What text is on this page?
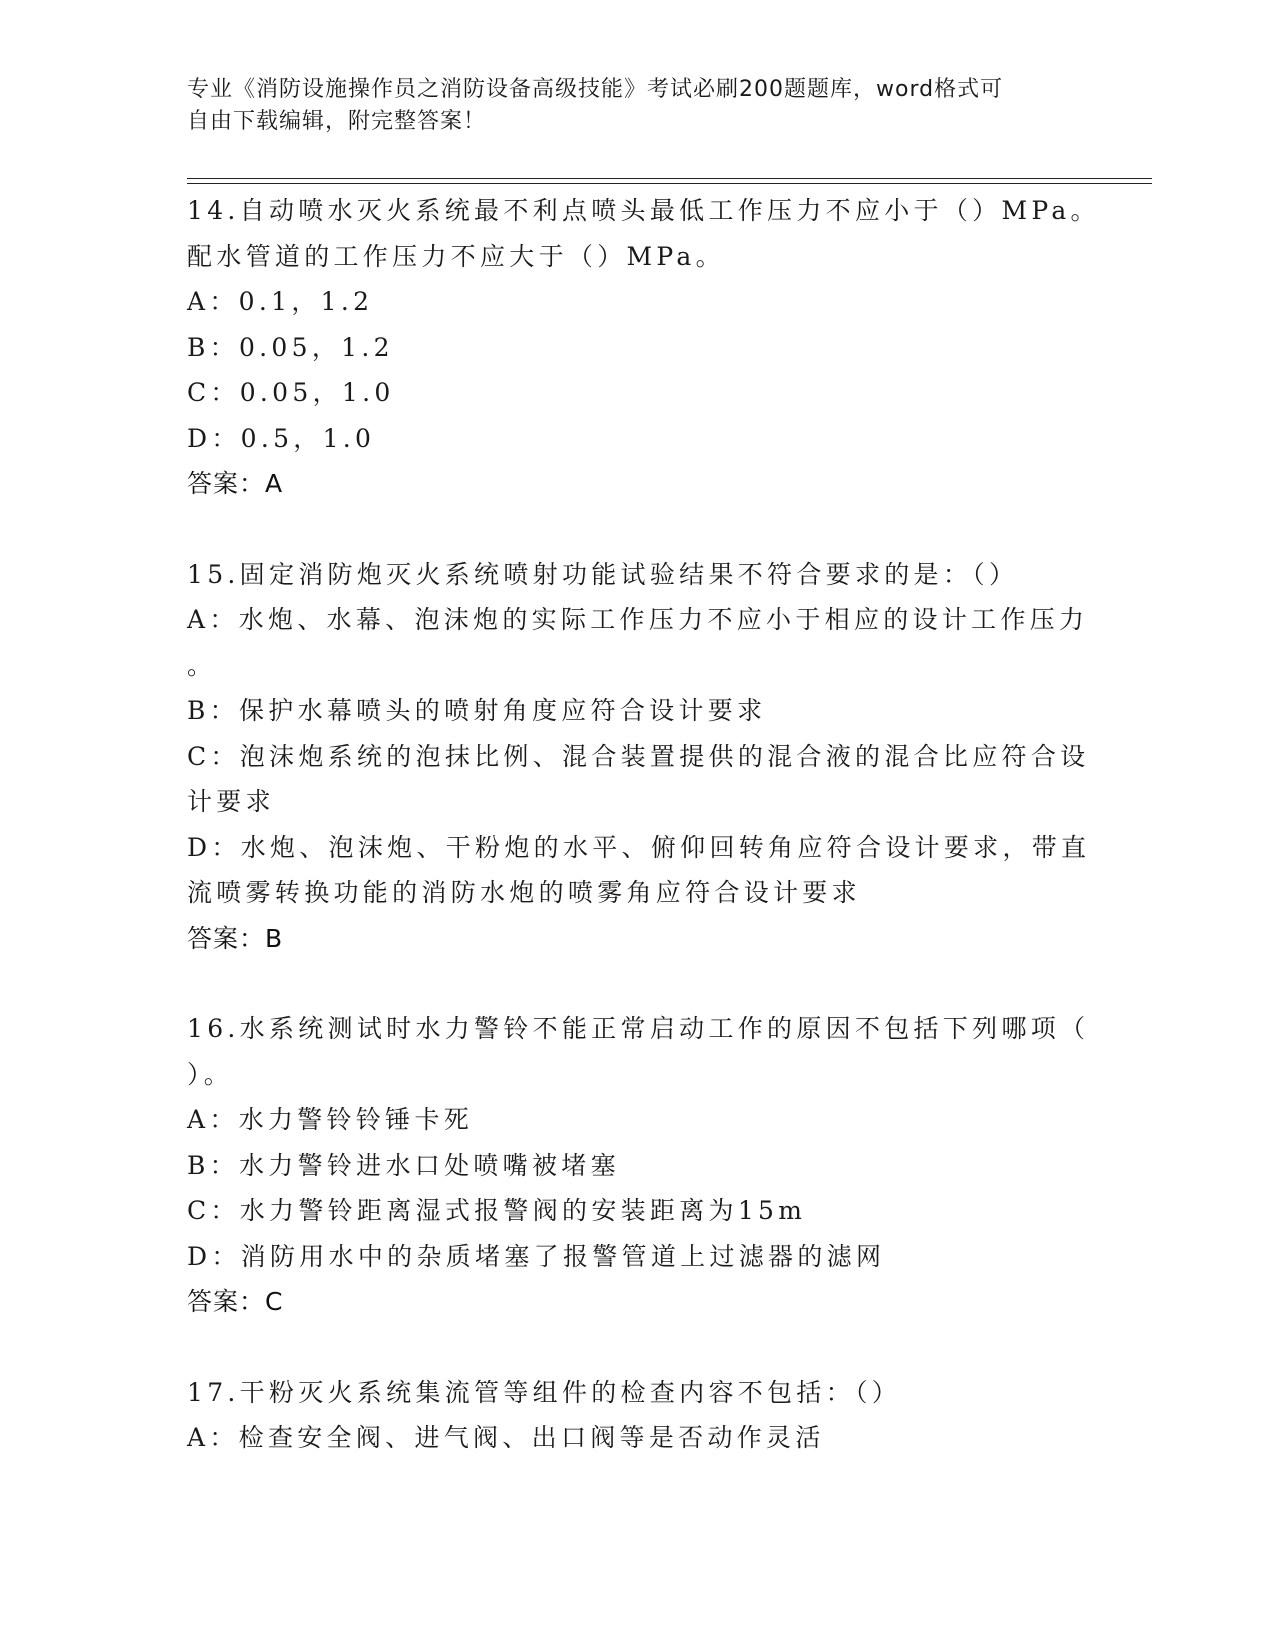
专业《消防设施操作员之消防设备高级技能》考试必刷200题题库，word格式可
自由下载编辑，附完整答案！
14.自动喷水灭火系统最不利点喷头最低工作压力不应小于（）MPa。
配水管道的工作压力不应大于（）MPa。
A：0.1，1.2
B：0.05，1.2
C：0.05，1.0
D：0.5，1.0
答案：A
15.固定消防炮灭火系统喷射功能试验结果不符合要求的是：（）
A：水炮、水幕、泡沫炮的实际工作压力不应小于相应的设计工作压力
。
B：保护水幕喷头的喷射角度应符合设计要求
C：泡沫炮系统的泡抹比例、混合装置提供的混合液的混合比应符合设
计要求
D：水炮、泡沫炮、干粉炮的水平、俯仰回转角应符合设计要求，带直
流喷雾转换功能的消防水炮的喷雾角应符合设计要求
答案：B
16.水系统测试时水力警铃不能正常启动工作的原因不包括下列哪项（
）。
A：水力警铃铃锤卡死
B：水力警铃进水口处喷嘴被堵塞
C：水力警铃距离湿式报警阀的安装距离为15m
D：消防用水中的杂质堵塞了报警管道上过滤器的滤网
答案：C
17.干粉灭火系统集流管等组件的检查内容不包括：（）
A：检查安全阀、进气阀、出口阀等是否动作灵活
